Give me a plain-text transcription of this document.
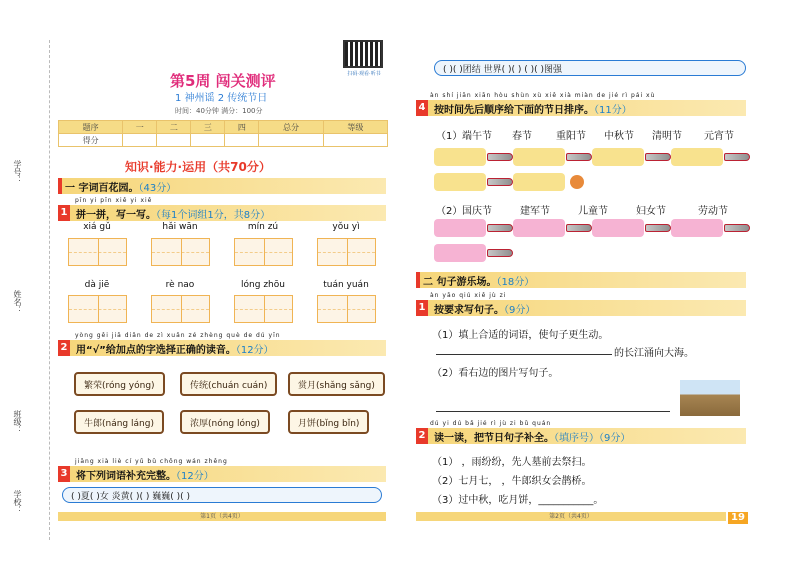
学号：
姓名：
班级：
学校：
扫码·观看·听书
第5周 闯关测评
1 神州谣 2 传统节日
时间：40分钟 满分：100分
题序	一	二	三	四	总分	等级
得分						
知识·能力·运用（共70分）
一 字词百花园。（43分）
pīn yi pīn xiě yi xiě
拼一拼，写一写。（每1个词组1分，共8分）
1
xiá gǔ	hǎi wān	mín zú	yǒu yì
dà jiē	rè nao	lóng zhōu	tuán yuán
yòng gěi jiā diǎn de zì xuǎn zé zhèng què de dú yīn
用“√”给加点的字选择正确的读音。（12分）
2
繁荣(róng yóng)	传统(chuán cuán)	赏月(shǎng sǎng)
牛郎(náng láng)	浓厚(nóng lóng)	月饼(bǐng bǐn)
jiāng xià liè cí yǔ bǔ chōng wán zhěng
将下列词语补充完整。（12分）
3
( )夏( )女 炎黄( )( ) 巍巍( )( )
第1页（共4页）
( )( )团结 世界( )( ) ( )( )图强
àn shí jiān xiān hòu shùn xù xiě xià miàn de jié rì pái xù
按时间先后顺序给下面的节日排序。（11分）
4
（1） 端午节 春节 重阳节 中秋节 清明节 元宵节
（2） 国庆节	建军节	儿童节	妇女节	劳动节
二 句子游乐场。（18分）
àn yāo qiú xiě jù zi
按要求写句子。（9分）
1
（1）填上合适的词语，使句子更生动。
的长江涌向大海。
（2）看右边的图片写句子。
dú yi dú bǎ jié rì jù zi bǔ quán
读一读，把节日句子补全。（填序号）（9分）
2
（1） ，雨纷纷，先人墓前去祭扫。
（2）七月七， ，牛郎织女会鹊桥。
（3）过中秋，吃月饼，___________。
第2页（共4页）	19
